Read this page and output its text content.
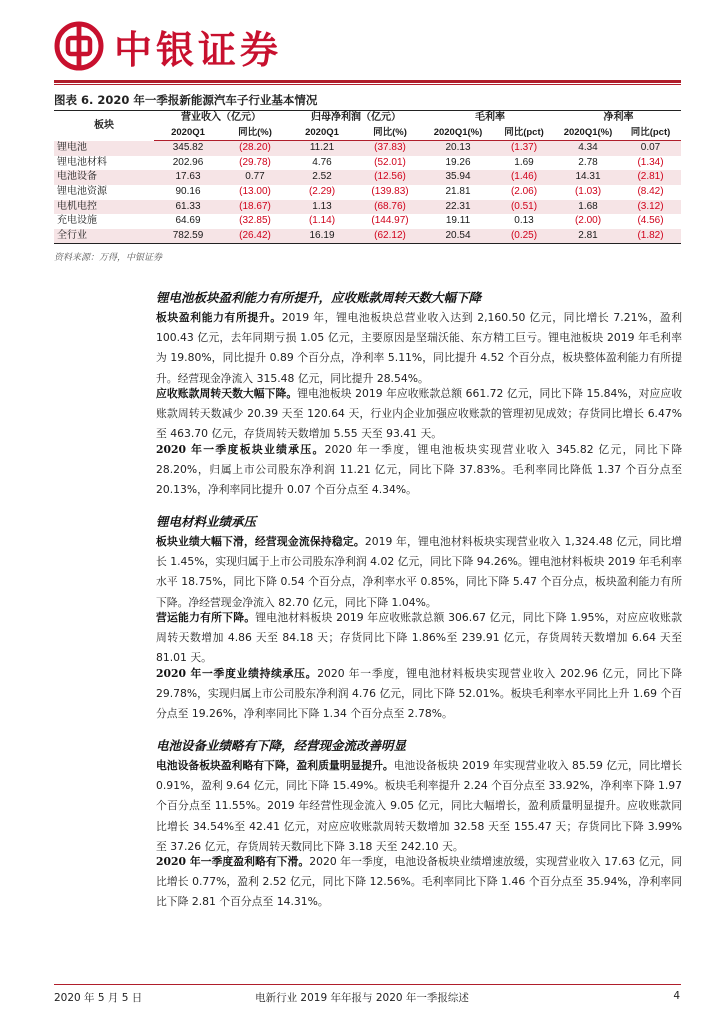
中银证券
图表 6. 2020 年一季报新能源汽车子行业基本情况
板块	营业收入（亿元）		归母净利润（亿元）		毛利率		净利率	
	2020Q1	同比(%)	2020Q1	同比(%)	2020Q1(%)	同比(pct)	2020Q1(%)	同比(pct)
锂电池	345.82	(28.20)	11.21	(37.83)	20.13	(1.37)	4.34	0.07
锂电池材料	202.96	(29.78)	4.76	(52.01)	19.26	1.69	2.78	(1.34)
电池设备	17.63	0.77	2.52	(12.56)	35.94	(1.46)	14.31	(2.81)
锂电池资源	90.16	(13.00)	(2.29)	(139.83)	21.81	(2.06)	(1.03)	(8.42)
电机电控	61.33	(18.67)	1.13	(68.76)	22.31	(0.51)	1.68	(3.12)
充电设施	64.69	(32.85)	(1.14)	(144.97)	19.11	0.13	(2.00)	(4.56)
全行业	782.59	(26.42)	16.19	(62.12)	20.54	(0.25)	2.81	(1.82)
资料来源：万得，中银证券
锂电池板块盈利能力有所提升，应收账款周转天数大幅下降
板块盈利能力有所提升。2019 年，锂电池板块总营业收入达到 2,160.50 亿元，同比增长 7.21%，盈利 100.43 亿元，去年同期亏损 1.05 亿元，主要原因是坚瑞沃能、东方精工巨亏。锂电池板块 2019 年毛利率为 19.80%，同比提升 0.89 个百分点，净利率 5.11%，同比提升 4.52 个百分点，板块整体盈利能力有所提升。经营现金净流入 315.48 亿元，同比提升 28.54%。
应收账款周转天数大幅下降。锂电池板块 2019 年应收账款总额 661.72 亿元，同比下降 15.84%，对应应收账款周转天数减少 20.39 天至 120.64 天，行业内企业加强应收账款的管理初见成效；存货同比增长 6.47%至 463.70 亿元，存货周转天数增加 5.55 天至 93.41 天。
2020 年一季度板块业绩承压。2020 年一季度，锂电池板块实现营业收入 345.82 亿元，同比下降 28.20%，归属上市公司股东净利润 11.21 亿元，同比下降 37.83%。毛利率同比降低 1.37 个百分点至 20.13%，净利率同比提升 0.07 个百分点至 4.34%。
锂电材料业绩承压
板块业绩大幅下滑，经营现金流保持稳定。2019 年，锂电池材料板块实现营业收入 1,324.48 亿元，同比增长 1.45%，实现归属于上市公司股东净利润 4.02 亿元，同比下降 94.26%。锂电池材料板块 2019 年毛利率水平 18.75%，同比下降 0.54 个百分点，净利率水平 0.85%，同比下降 5.47 个百分点，板块盈利能力有所下降。净经营现金净流入 82.70 亿元，同比下降 1.04%。
营运能力有所下降。锂电池材料板块 2019 年应收账款总额 306.67 亿元，同比下降 1.95%，对应应收账款周转天数增加 4.86 天至 84.18 天；存货同比下降 1.86%至 239.91 亿元，存货周转天数增加 6.64 天至 81.01 天。
2020 年一季度业绩持续承压。2020 年一季度，锂电池材料板块实现营业收入 202.96 亿元，同比下降 29.78%，实现归属上市公司股东净利润 4.76 亿元，同比下降 52.01%。板块毛利率水平同比上升 1.69 个百分点至 19.26%，净利率同比下降 1.34 个百分点至 2.78%。
电池设备业绩略有下降，经营现金流改善明显
电池设备板块盈利略有下降，盈利质量明显提升。电池设备板块 2019 年实现营业收入 85.59 亿元，同比增长 0.91%，盈利 9.64 亿元，同比下降 15.49%。板块毛利率提升 2.24 个百分点至 33.92%，净利率下降 1.97 个百分点至 11.55%。2019 年经营性现金流入 9.05 亿元，同比大幅增长，盈利质量明显提升。应收账款同比增长 34.54%至 42.41 亿元，对应应收账款周转天数增加 32.58 天至 155.47 天；存货同比下降 3.99%至 37.26 亿元，存货周转天数同比下降 3.18 天至 242.10 天。
2020 年一季度盈利略有下滑。2020 年一季度，电池设备板块业绩增速放缓，实现营业收入 17.63 亿元，同比增长 0.77%，盈利 2.52 亿元，同比下降 12.56%。毛利率同比下降 1.46 个百分点至 35.94%，净利率同比下降 2.81 个百分点至 14.31%。
2020 年 5 月 5 日	电新行业 2019 年年报与 2020 年一季报综述	4
